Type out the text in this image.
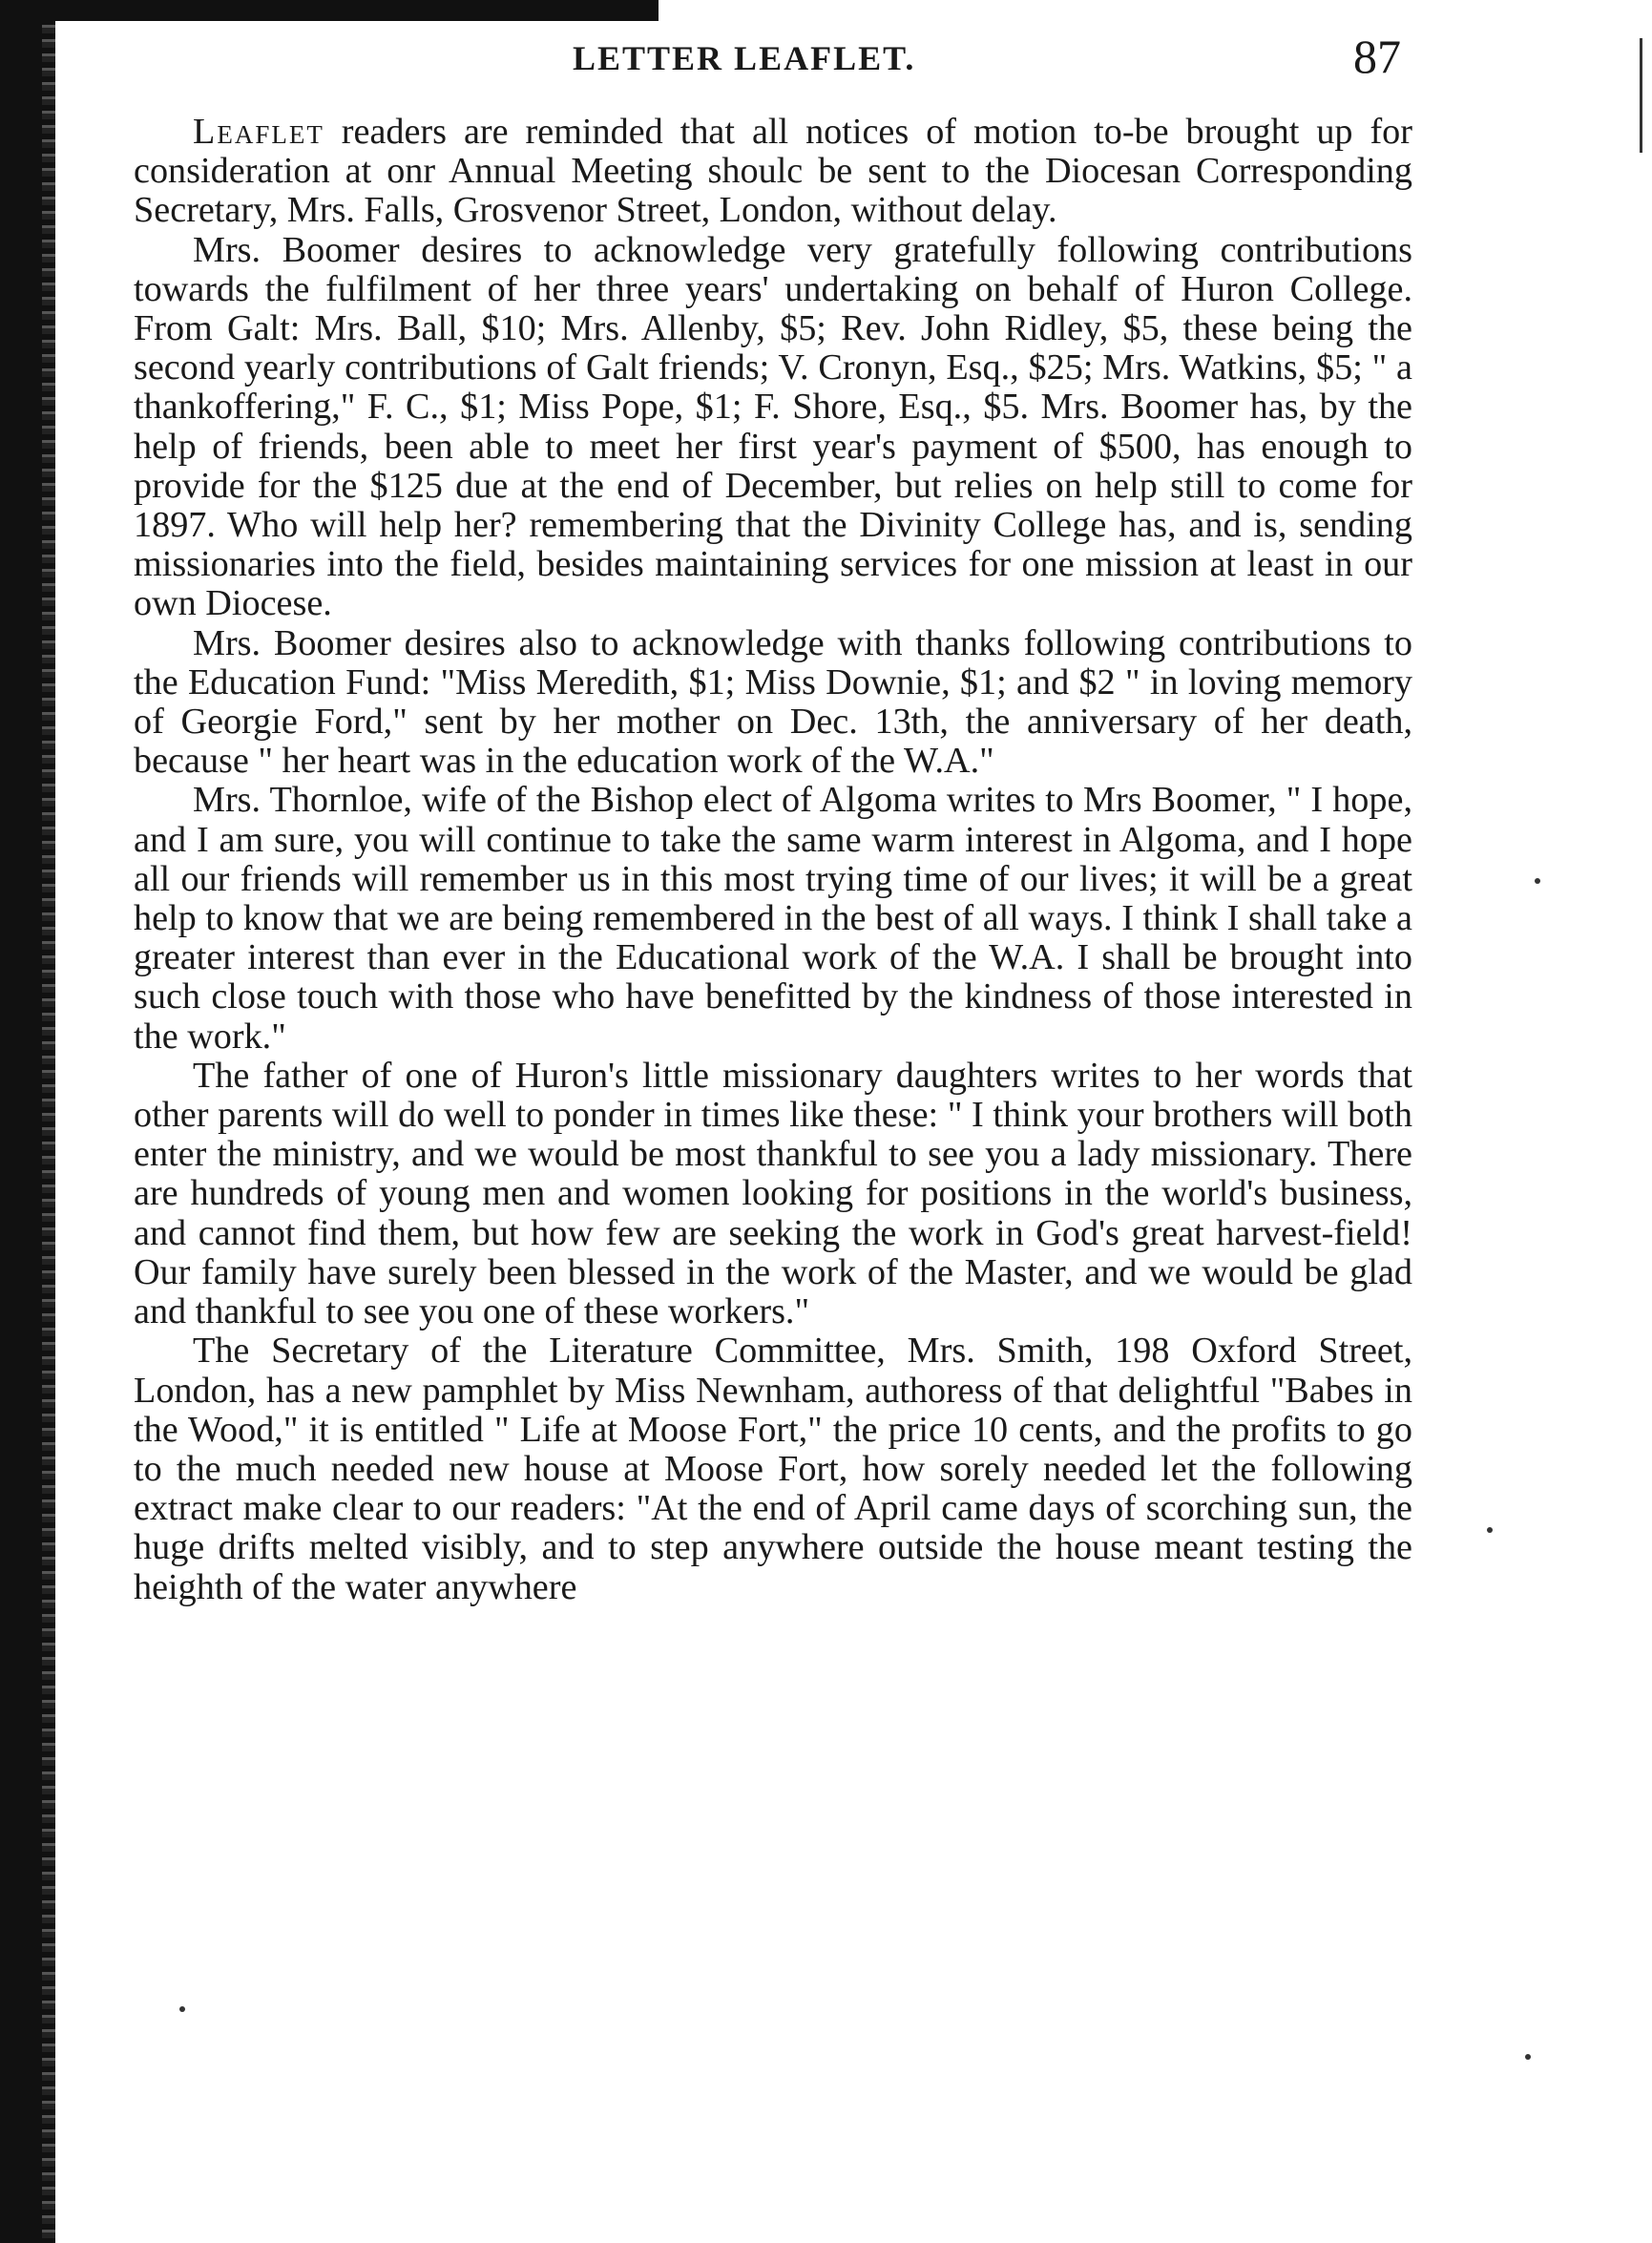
LETTER LEAFLET.	87

Leaflet readers are reminded that all notices of motion to-be brought up for consideration at onr Annual Meeting shoulc be sent to the Diocesan Corresponding Secretary, Mrs. Falls, Grosvenor Street, London, without delay.

Mrs. Boomer desires to acknowledge very gratefully following contributions towards the fulfilment of her three years' undertaking on behalf of Huron College. From Galt: Mrs. Ball, $10; Mrs. Allenby, $5; Rev. John Ridley, $5, these being the second yearly contributions of Galt friends; V. Cronyn, Esq., $25; Mrs. Watkins, $5; " a thankoffering," F. C., $1; Miss Pope, $1; F. Shore, Esq., $5. Mrs. Boomer has, by the help of friends, been able to meet her first year's payment of $500, has enough to provide for the $125 due at the end of December, but relies on help still to come for 1897. Who will help her? remembering that the Divinity College has, and is, sending missionaries into the field, besides maintaining services for one mission at least in our own Diocese.

Mrs. Boomer desires also to acknowledge with thanks following contributions to the Education Fund: "Miss Meredith, $1; Miss Downie, $1; and $2 " in loving memory of Georgie Ford," sent by her mother on Dec. 13th, the anniversary of her death, because " her heart was in the education work of the W.A."

Mrs. Thornloe, wife of the Bishop elect of Algoma writes to Mrs Boomer, " I hope, and I am sure, you will continue to take the same warm interest in Algoma, and I hope all our friends will remember us in this most trying time of our lives; it will be a great help to know that we are being remembered in the best of all ways. I think I shall take a greater interest than ever in the Educational work of the W.A. I shall be brought into such close touch with those who have benefitted by the kindness of those interested in the work."

The father of one of Huron's little missionary daughters writes to her words that other parents will do well to ponder in times like these: " I think your brothers will both enter the ministry, and we would be most thankful to see you a lady missionary. There are hundreds of young men and women looking for positions in the world's business, and cannot find them, but how few are seeking the work in God's great harvest-field! Our family have surely been blessed in the work of the Master, and we would be glad and thankful to see you one of these workers."

The Secretary of the Literature Committee, Mrs. Smith, 198 Oxford Street, London, has a new pamphlet by Miss Newnham, authoress of that delightful "Babes in the Wood," it is entitled " Life at Moose Fort," the price 10 cents, and the profits to go to the much needed new house at Moose Fort, how sorely needed let the following extract make clear to our readers: "At the end of April came days of scorching sun, the huge drifts melted visibly, and to step anywhere outside the house meant testing the heighth of the water anywhere
